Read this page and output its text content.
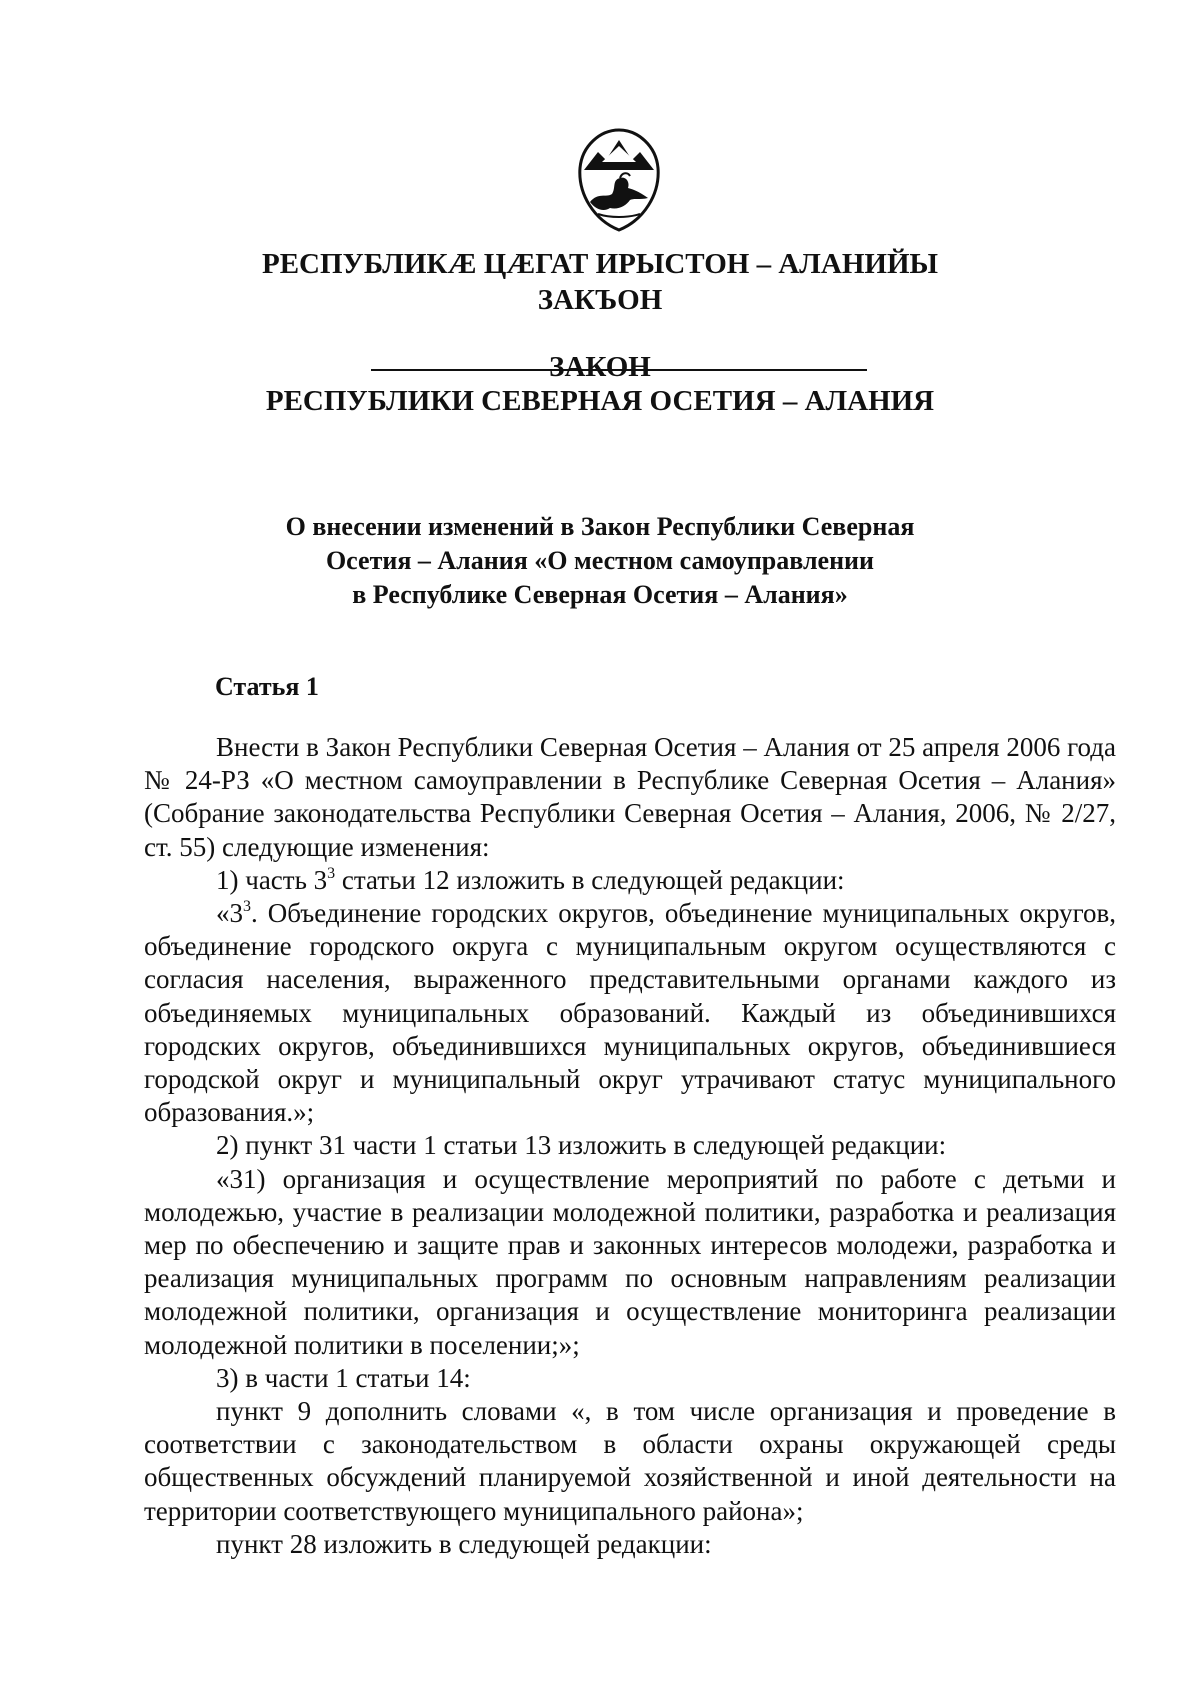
РЕСПУБЛИКӔ ЦӔГАТ ИРЫСТОН – АЛАНИЙЫ

ЗАКЪОН

ЗАКОН

РЕСПУБЛИКИ СЕВЕРНАЯ ОСЕТИЯ – АЛАНИЯ

О внесении изменений в Закон Республики Северная
Осетия – Алания «О местном самоуправлении
в Республике Северная Осетия – Алания»

Статья 1

Внести в Закон Республики Северная Осетия – Алания от 25 апреля 2006 года № 24-РЗ «О местном самоуправлении в Республике Северная Осетия – Алания» (Собрание законодательства Республики Северная Осетия – Алания, 2006, № 2/27, ст. 55) следующие изменения:

1) часть $3^3$ статьи 12 изложить в следующей редакции:

«$3^3$. Объединение городских округов, объединение муниципальных округов, объединение городского округа с муниципальным округом осуществляются с согласия населения, выраженного представительными органами каждого из объединяемых муниципальных образований. Каждый из объединившихся городских округов, объединившихся муниципальных округов, объединившиеся городской округ и муниципальный округ утрачивают статус муниципального образования.»;

2) пункт 31 части 1 статьи 13 изложить в следующей редакции:

«31) организация и осуществление мероприятий по работе с детьми и молодежью, участие в реализации молодежной политики, разработка и реализация мер по обеспечению и защите прав и законных интересов молодежи, разработка и реализация муниципальных программ по основным направлениям реализации молодежной политики, организация и осуществление мониторинга реализации молодежной политики в поселении;»;

3) в части 1 статьи 14:

пункт 9 дополнить словами «, в том числе организация и проведение в соответствии с законодательством в области охраны окружающей среды общественных обсуждений планируемой хозяйственной и иной деятельности на территории соответствующего муниципального района»;

пункт 28 изложить в следующей редакции:
